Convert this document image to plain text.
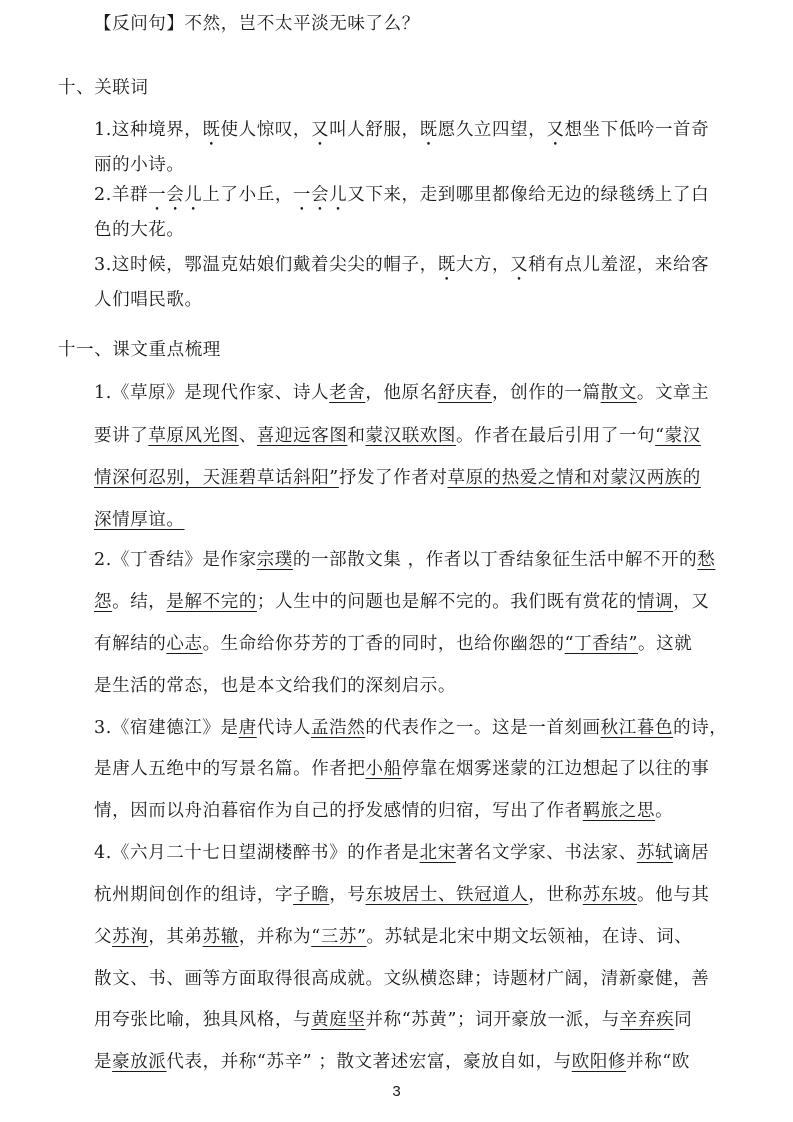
【反问句】不然，岂不太平淡无味了么？
十、关联词
1.这种境界，既使人惊叹，又叫人舒服，既愿久立四望，又想坐下低吟一首奇
丽的小诗。
2.羊群一会儿上了小丘，一会儿又下来，走到哪里都像给无边的绿毯绣上了白
色的大花。
3.这时候，鄂温克姑娘们戴着尖尖的帽子，既大方，又稍有点儿羞涩，来给客
人们唱民歌。
十一、课文重点梳理
1.《草原》是现代作家、诗人老舍，他原名舒庆春，创作的一篇散文。文章主
要讲了草原风光图、喜迎远客图和蒙汉联欢图。作者在最后引用了一句“蒙汉
情深何忍别，天涯碧草话斜阳”抒发了作者对草原的热爱之情和对蒙汉两族的
深情厚谊。
2.《丁香结》是作家宗璞的一部散文集 ，作者以丁香结象征生活中解不开的愁
怨。结，是解不完的；人生中的问题也是解不完的。我们既有赏花的情调，又
有解结的心志。生命给你芬芳的丁香的同时，也给你幽怨的“丁香结”。这就
是生活的常态，也是本文给我们的深刻启示。
3.《宿建德江》是唐代诗人孟浩然的代表作之一。这是一首刻画秋江暮色的诗，
是唐人五绝中的写景名篇。作者把小船停靠在烟雾迷蒙的江边想起了以往的事
情，因而以舟泊暮宿作为自己的抒发感情的归宿，写出了作者羁旅之思。
4.《六月二十七日望湖楼醉书》的作者是北宋著名文学家、书法家、苏轼谪居
杭州期间创作的组诗，字子瞻，号东坡居士、铁冠道人，世称苏东坡。他与其
父苏洵，其弟苏辙，并称为“三苏”。苏轼是北宋中期文坛领袖，在诗、词、
散文、书、画等方面取得很高成就。文纵横恣肆；诗题材广阔，清新豪健，善
用夸张比喻，独具风格，与黄庭坚并称“苏黄”；词开豪放一派，与辛弃疾同
是豪放派代表，并称“苏辛” ；散文著述宏富，豪放自如，与欧阳修并称“欧
3
